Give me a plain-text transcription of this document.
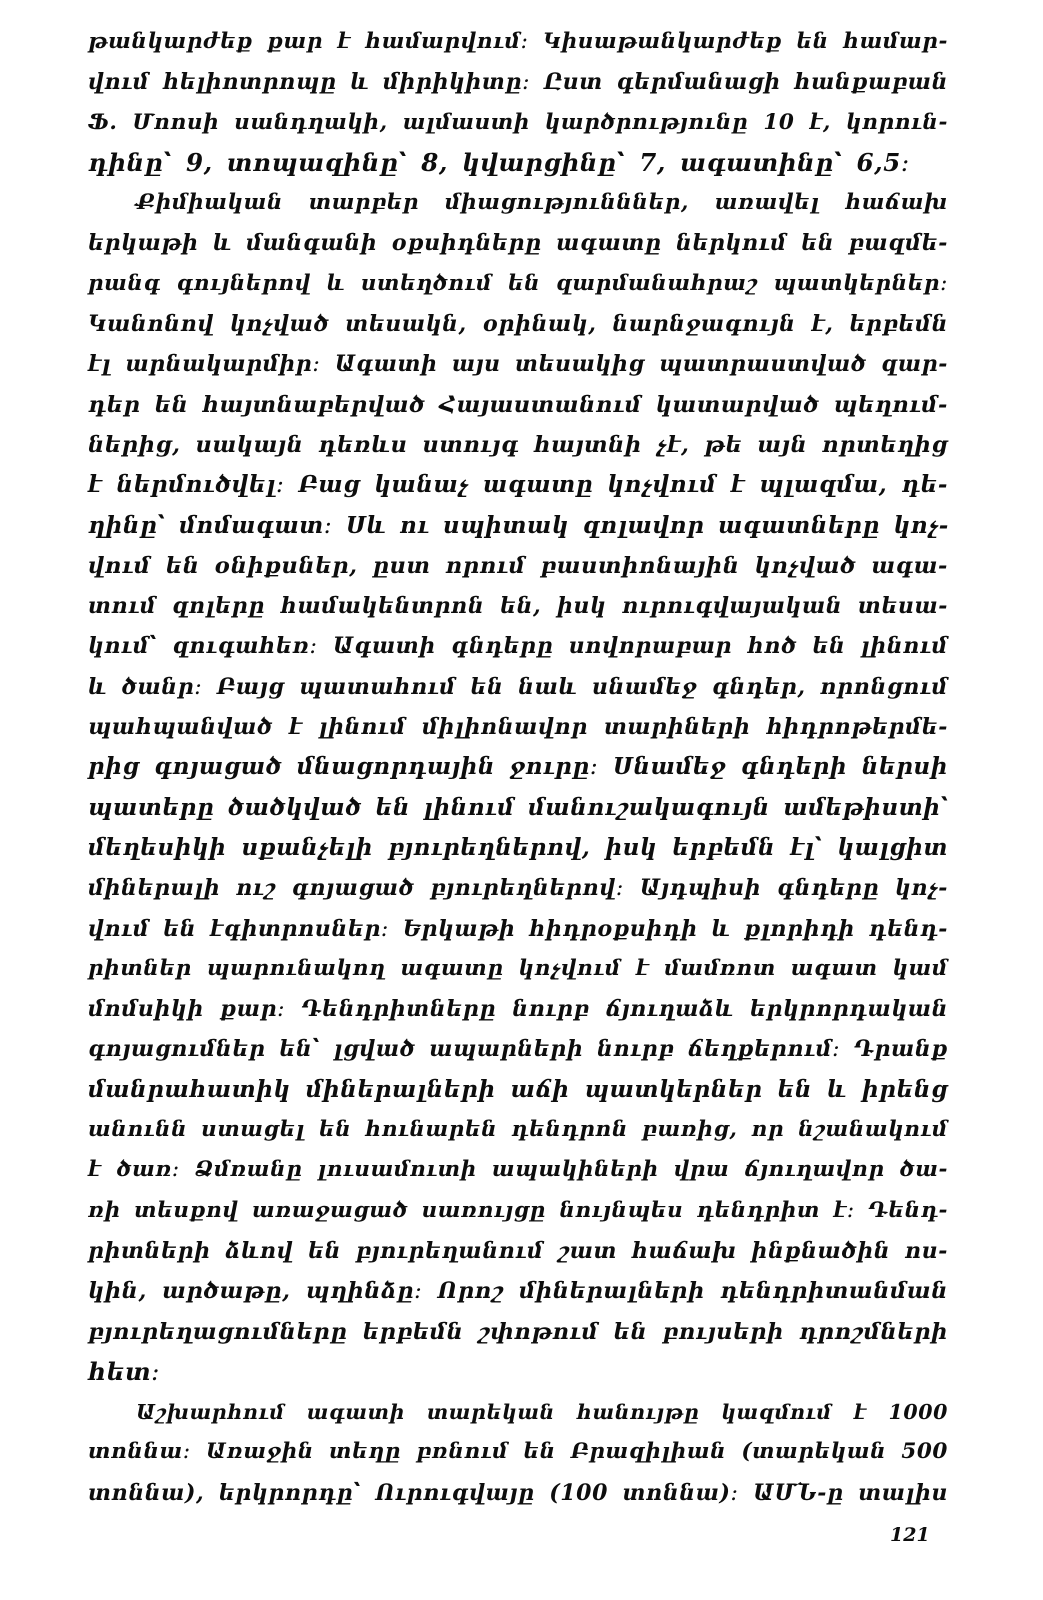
թանկարժեք քար է համարվում։ Կիսաթանկարժեք են համար-
վում հելիոտրոպը և միրիկիտը։ Ըստ գերմանացի հանքաբան
Ֆ. Մոոսի սանդղակի, ալմաստի կարծրությունը 10 է, կորուն-
դինը՝ 9, տոպազինը՝ 8, կվարցինը՝ 7, ագատինը՝ 6,5։
Քիմիական տարբեր միացությունններ, առավել հաճախ
երկաթի և մանգանի օքսիդները ագատը ներկում են բազմե-
րանգ գույներով և ստեղծում են զարմանահրաշ պատկերներ։
Կանոնով կոչված տեսակն, օրինակ, նարնջագույն է, երբեմն
էլ արնակարմիր։ Ագատի այս տեսակից պատրաստված զար-
դեր են հայտնաբերված Հայաստանում կատարված պեղում-
ներից, սակայն դեռևս ստույգ հայտնի չէ, թե այն որտեղից
է ներմուծվել։ Բաց կանաչ ագատը կոչվում է պլազմա, դե-
ղինը՝ մոմագատ։ Սև ու սպիտակ զոլավոր ագատները կոչ-
վում են օնիքսներ, ըստ որում բաստիոնային կոչված ագա-
տում զոլերը համակենտրոն են, իսկ ուրուգվայական տեսա-
կում՝ զուգահեռ։ Ագատի գնդերը սովորաբար հոծ են լինում
և ծանր։ Բայց պատահում են նաև սնամեջ գնդեր, որոնցում
պահպանված է լինում միլիոնավոր տարիների հիդրոթերմե-
րից գոյացած մնացորդային ջուրը։ Սնամեջ գնդերի ներսի
պատերը ծածկված են լինում մանուշակագույն ամեթիստի՝
մեղեսիկի սքանչելի բյուրեղներով, իսկ երբեմն էլ՝ կալցիտ
միներալի ուշ գոյացած բյուրեղներով։ Այդպիսի գնդերը կոչ-
վում են էգիտրոսներ։ Երկաթի հիդրօքսիդի և քլորիդի դենդ-
րիտներ պարունակող ագատը կոչվում է մամռոտ ագատ կամ
մոմսիկի քար։ Դենդրիտները նուրբ ճյուղաձև երկրորդական
գոյացումներ են՝ լցված ապարների նուրբ ճեղքերում։ Դրանք
մանրահատիկ միներալների աճի պատկերներ են և իրենց
անունն ստացել են հունարեն դենդրոն բառից, որ նշանակում
է ծառ։ Ձմռանը լուսամուտի ապակիների վրա ճյուղավոր ծա-
ռի տեսքով առաջացած սառույցը նույնպես դենդրիտ է։ Դենդ-
րիտների ձևով են բյուրեղանում շատ հաճախ ինքնածին ոս-
կին, արծաթը, պղինձը։ Որոշ միներալների դենդրիտանման
բյուրեղացումները երբեմն շփոթում են բույսերի դրոշմների
հետ։
Աշխարհում ագատի տարեկան հանույթը կազմում է 1000
տոննա։ Առաջին տեղը բռնում են Բրազիլիան (տարեկան 500
տոննա), երկրորդը՝ Ուրուգվայը (100 տոննա)։ ԱՄՆ-ը տալիս
121
